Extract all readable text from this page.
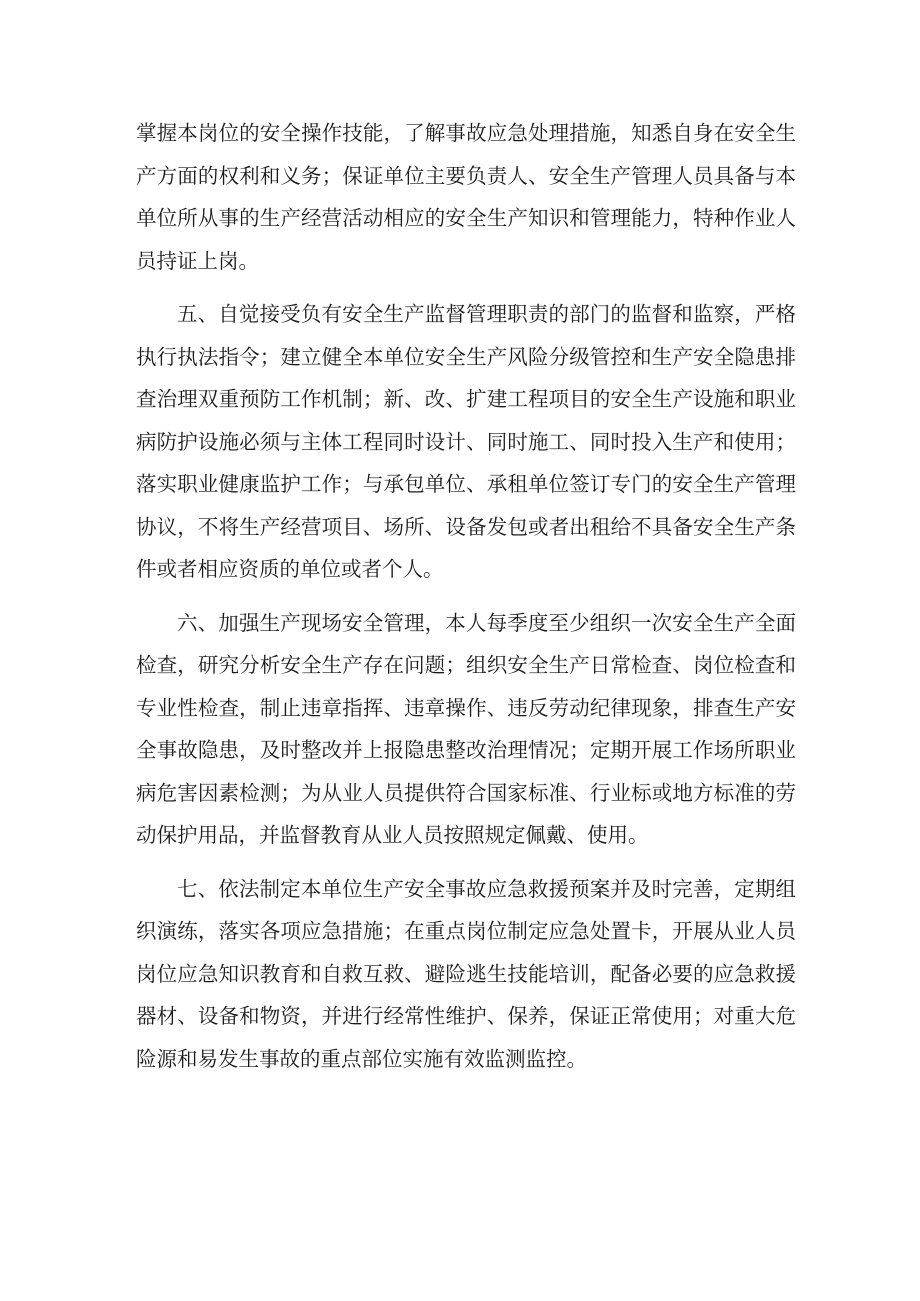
掌握本岗位的安全操作技能，了解事故应急处理措施，知悉自身在安全生产方面的权利和义务；保证单位主要负责人、安全生产管理人员具备与本单位所从事的生产经营活动相应的安全生产知识和管理能力，特种作业人员持证上岗。

五、自觉接受负有安全生产监督管理职责的部门的监督和监察，严格执行执法指令；建立健全本单位安全生产风险分级管控和生产安全隐患排查治理双重预防工作机制；新、改、扩建工程项目的安全生产设施和职业病防护设施必须与主体工程同时设计、同时施工、同时投入生产和使用；落实职业健康监护工作；与承包单位、承租单位签订专门的安全生产管理协议，不将生产经营项目、场所、设备发包或者出租给不具备安全生产条件或者相应资质的单位或者个人。

六、加强生产现场安全管理，本人每季度至少组织一次安全生产全面检查，研究分析安全生产存在问题；组织安全生产日常检查、岗位检查和专业性检查，制止违章指挥、违章操作、违反劳动纪律现象，排查生产安全事故隐患，及时整改并上报隐患整改治理情况；定期开展工作场所职业病危害因素检测；为从业人员提供符合国家标准、行业标或地方标准的劳动保护用品，并监督教育从业人员按照规定佩戴、使用。

七、依法制定本单位生产安全事故应急救援预案并及时完善，定期组织演练，落实各项应急措施；在重点岗位制定应急处置卡，开展从业人员岗位应急知识教育和自救互救、避险逃生技能培训，配备必要的应急救援器材、设备和物资，并进行经常性维护、保养，保证正常使用；对重大危险源和易发生事故的重点部位实施有效监测监控。
